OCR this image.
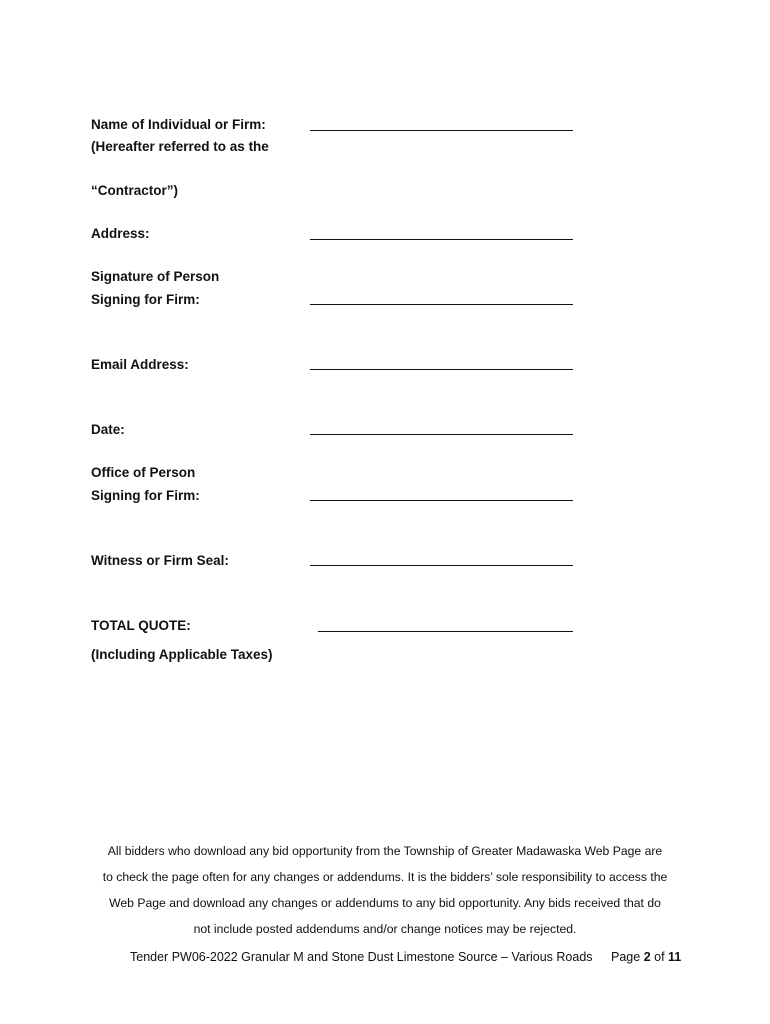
Name of Individual or Firm:
(Hereafter referred to as the
“Contractor”)
Address:
Signature of Person
Signing for Firm:
Email Address:
Date:
Office of Person
Signing for Firm:
Witness or Firm Seal:
TOTAL QUOTE:
(Including Applicable Taxes)

All bidders who download any bid opportunity from the Township of Greater Madawaska Web Page are

to check the page often for any changes or addendums. It is the bidders’ sole responsibility to access the

Web Page and download any changes or addendums to any bid opportunity. Any bids received that do

not include posted addendums and/or change notices may be rejected.

Tender PW06-2022 Granular M and Stone Dust Limestone Source – Various Roads Page 2 of 11
